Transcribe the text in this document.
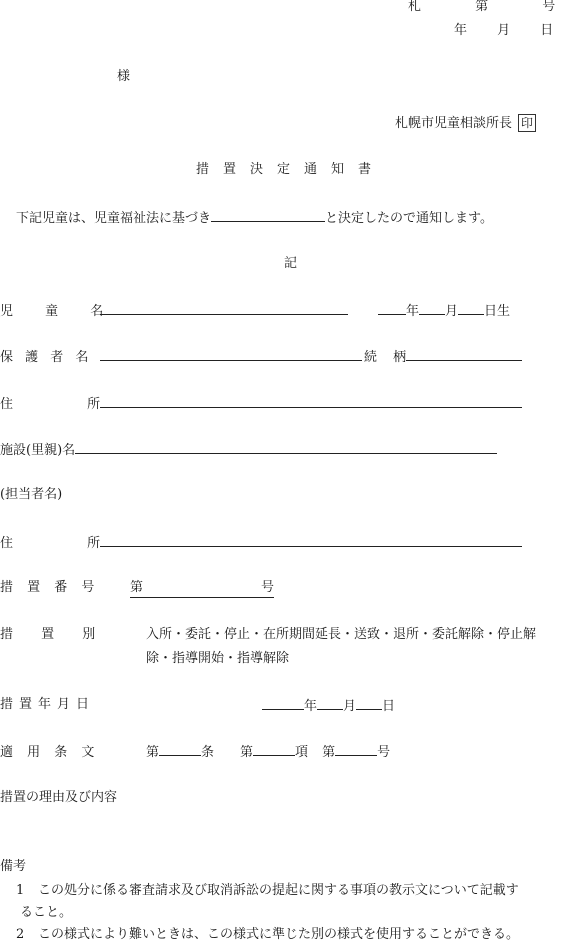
札 第 号
年 月 日
様
札幌市児童相談所長 印
措置決定通知書
下記児童は、児童福祉法に基づき	と決定したので通知します。
記
児 童 名	年 月 日生
保 護 者 名	続 柄
住 所
施設(里親)名
(担当者名)
住 所
措 置 番 号	第	号
措 置 別	入所・委託・停止・在所期間延長・送致・退所・委託解除・停止解
除・指導開始・指導解除
措置年月日	年 月 日
適 用 条 文	第	条 第	項 第	号
措置の理由及び内容
備考
1 この処分に係る審査請求及び取消訴訟の提起に関する事項の教示文について記載す
ること。
2 この様式により難いときは、この様式に準じた別の様式を使用することができる。
